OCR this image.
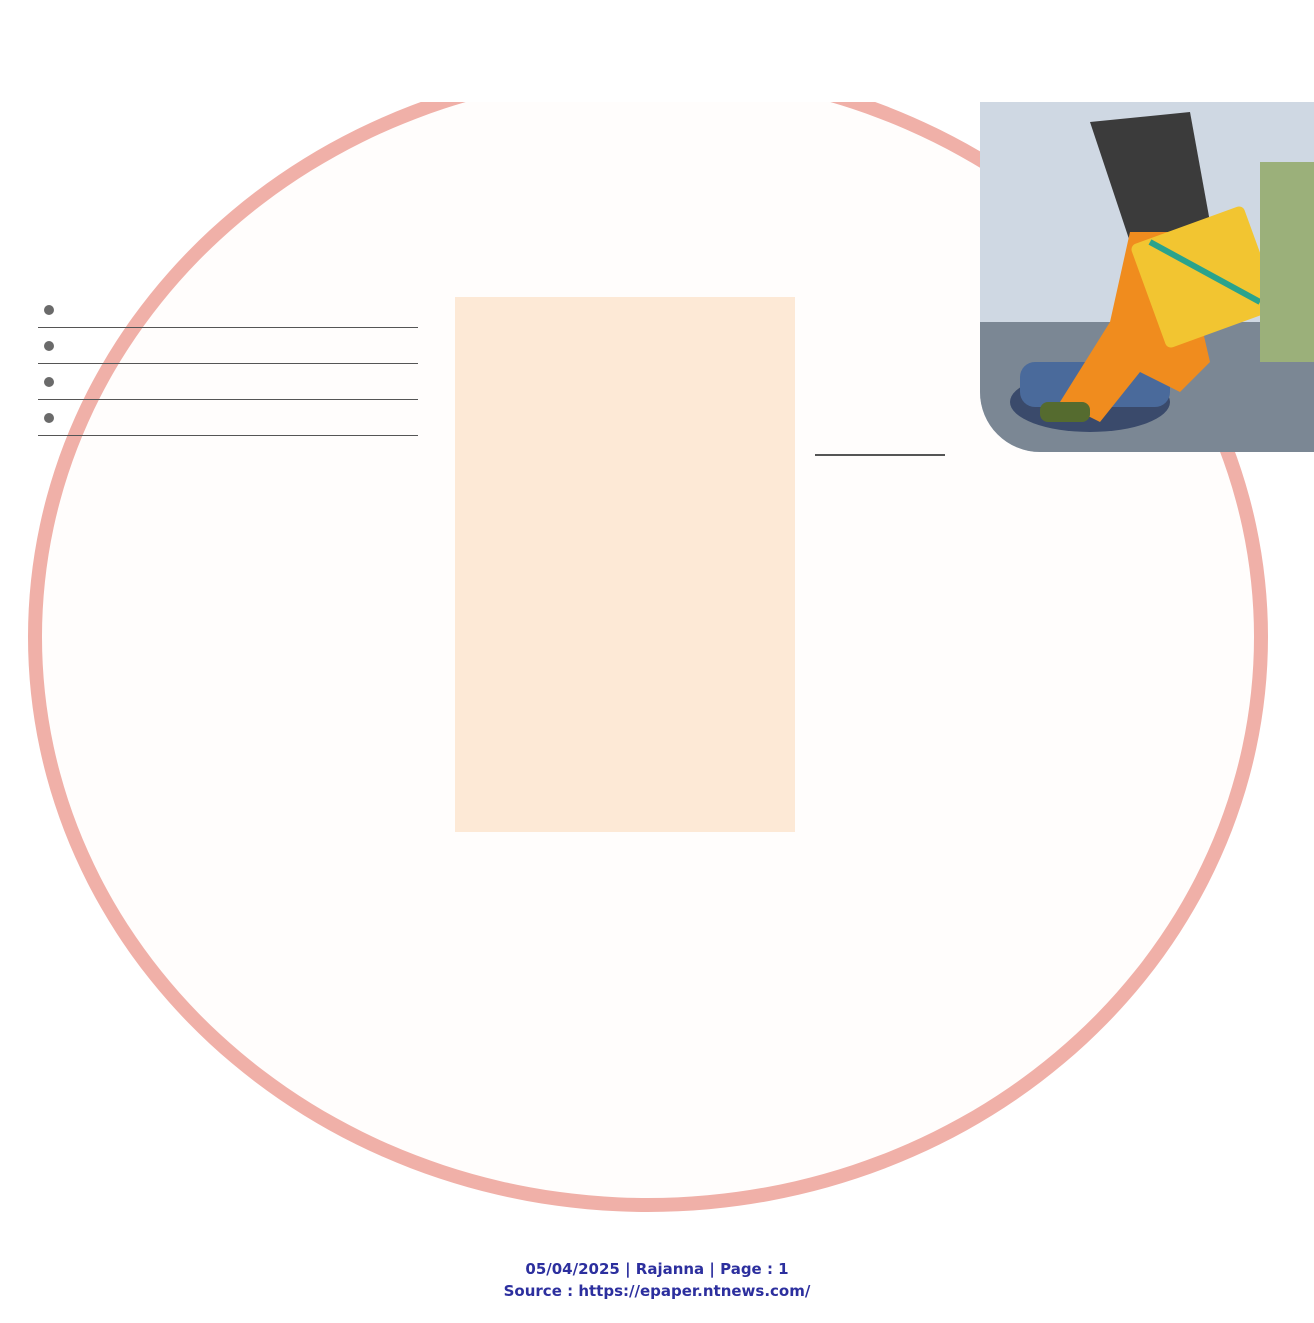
05/04/2025 | Rajanna | Page : 1
Source : https://epaper.ntnews.com/
